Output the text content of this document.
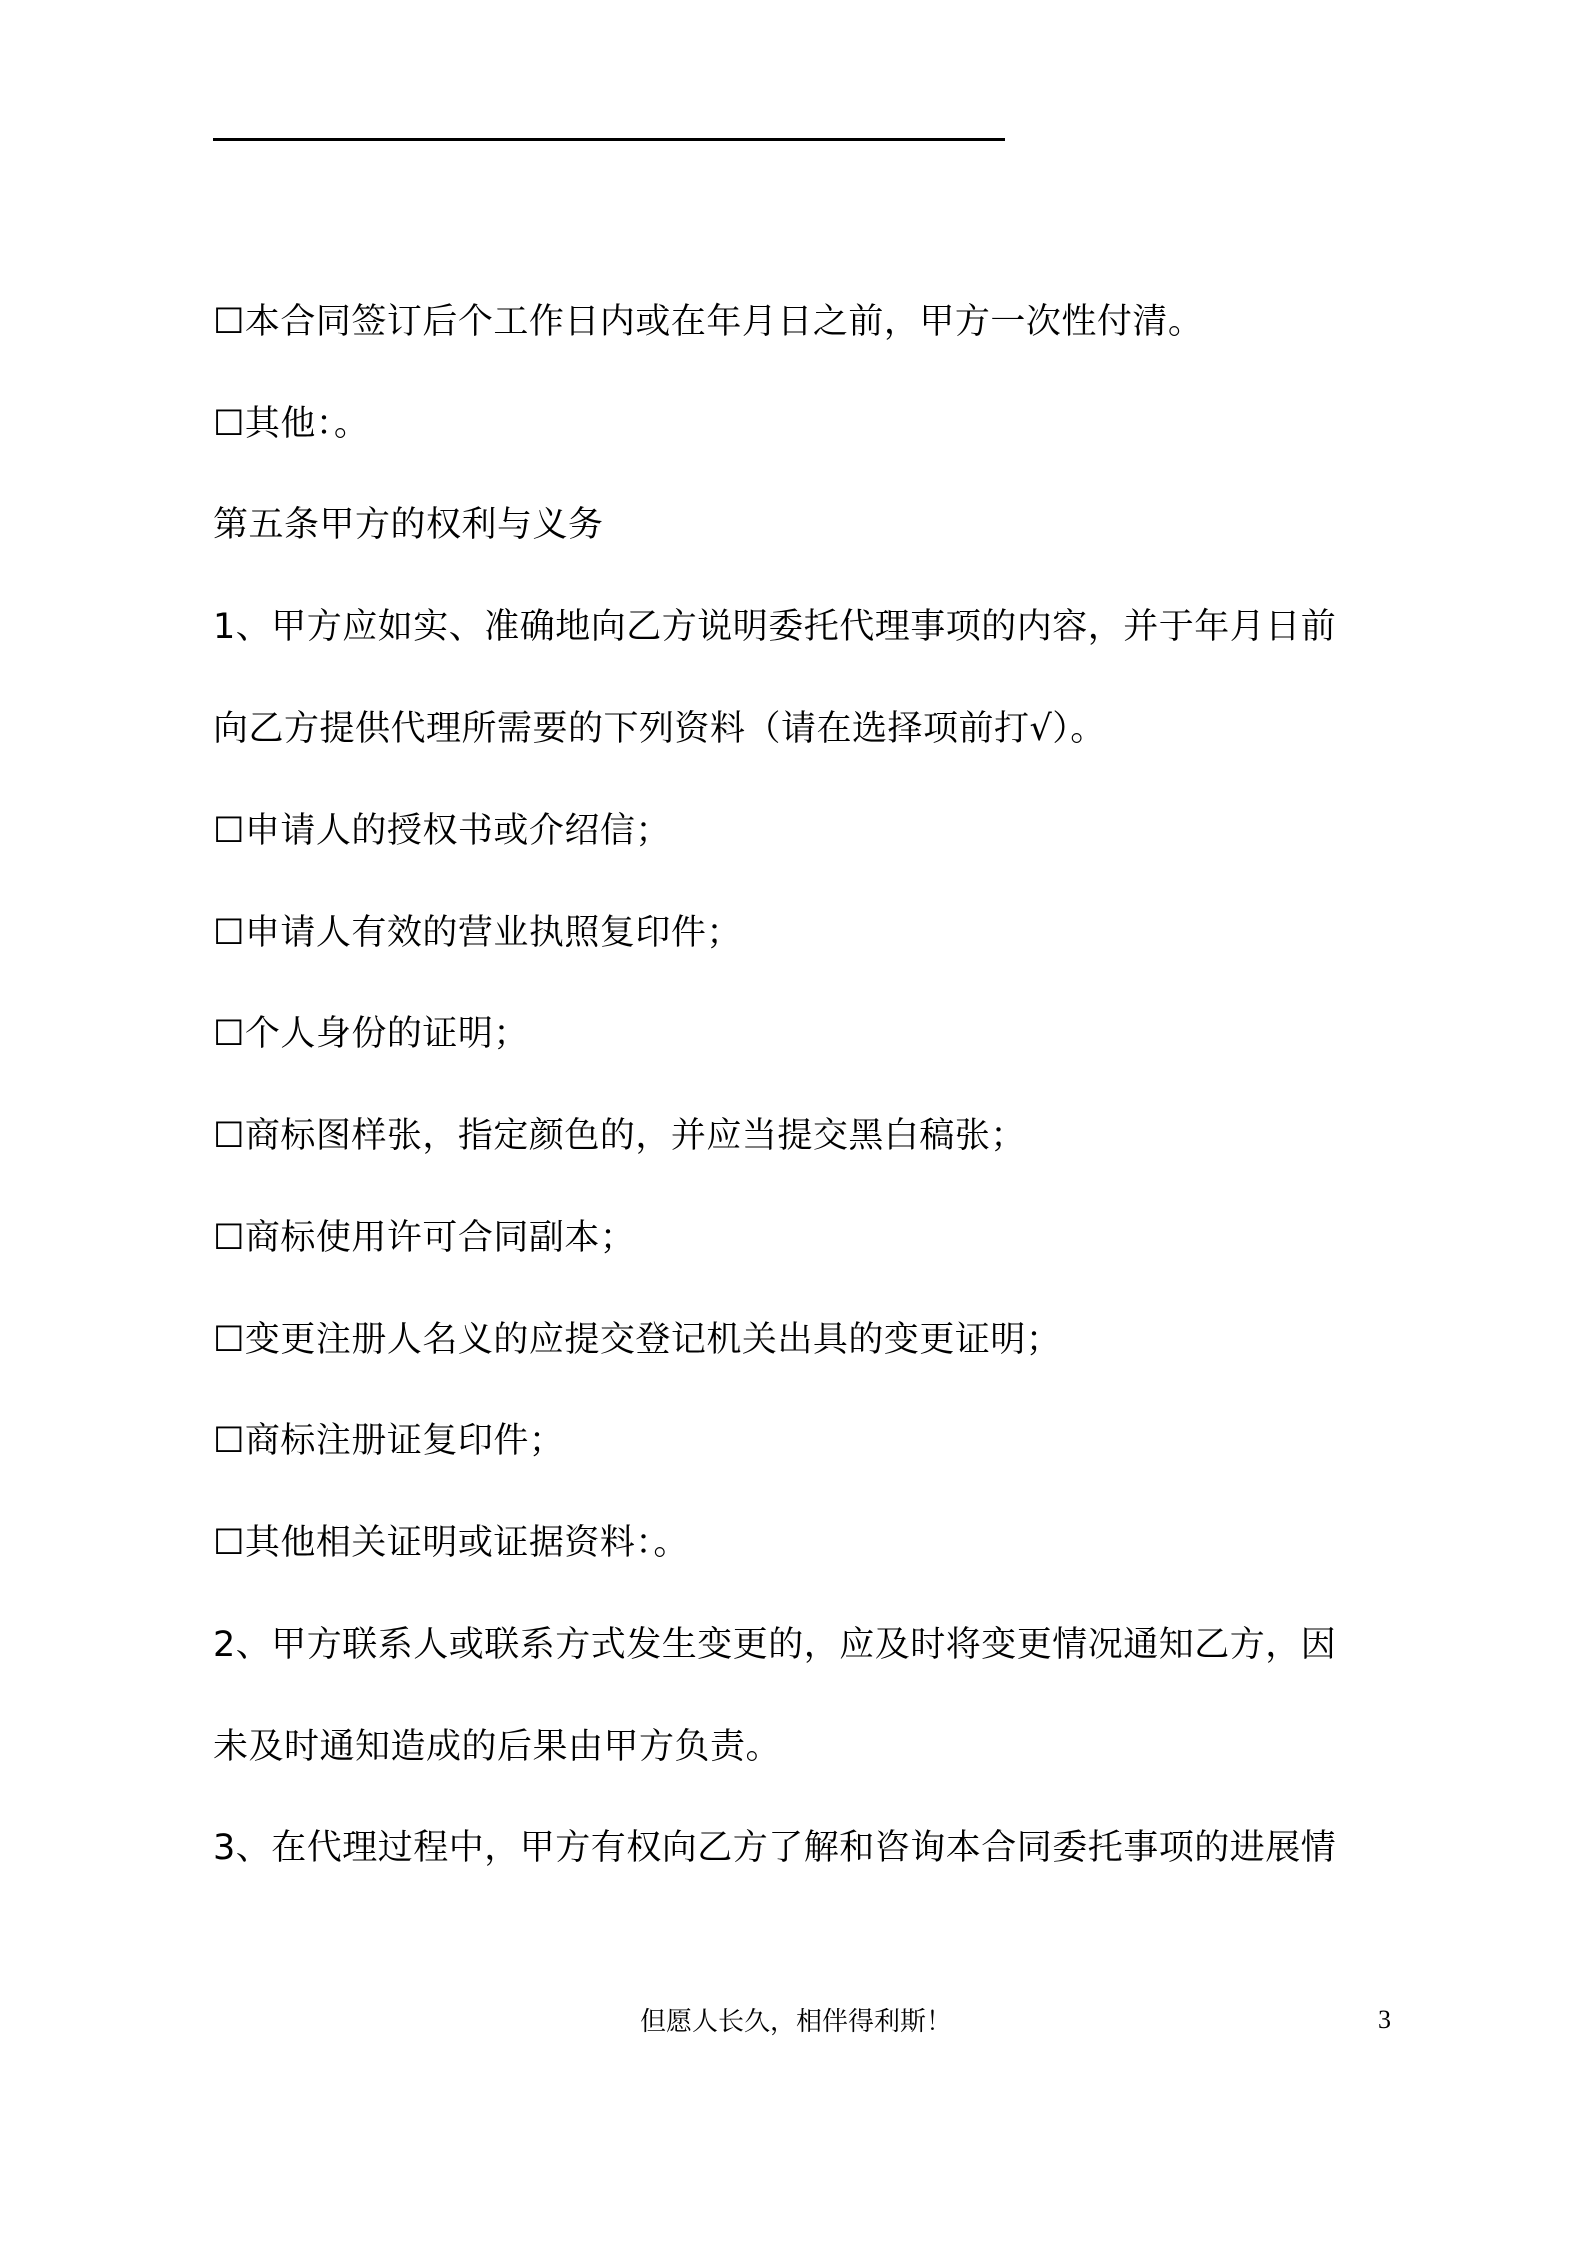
☐本合同签订后个工作日内或在年月日之前，甲方一次性付清。
☐其他：。
第五条甲方的权利与义务
1、甲方应如实、准确地向乙方说明委托代理事项的内容，并于年月日前
向乙方提供代理所需要的下列资料（请在选择项前打√）。
☐申请人的授权书或介绍信；
☐申请人有效的营业执照复印件；
☐个人身份的证明；
☐商标图样张，指定颜色的，并应当提交黑白稿张；
☐商标使用许可合同副本；
☐变更注册人名义的应提交登记机关出具的变更证明；
☐商标注册证复印件；
☐其他相关证明或证据资料：。
2、甲方联系人或联系方式发生变更的，应及时将变更情况通知乙方，因
未及时通知造成的后果由甲方负责。
3、在代理过程中，甲方有权向乙方了解和咨询本合同委托事项的进展情
但愿人长久，相伴得利斯！	3
